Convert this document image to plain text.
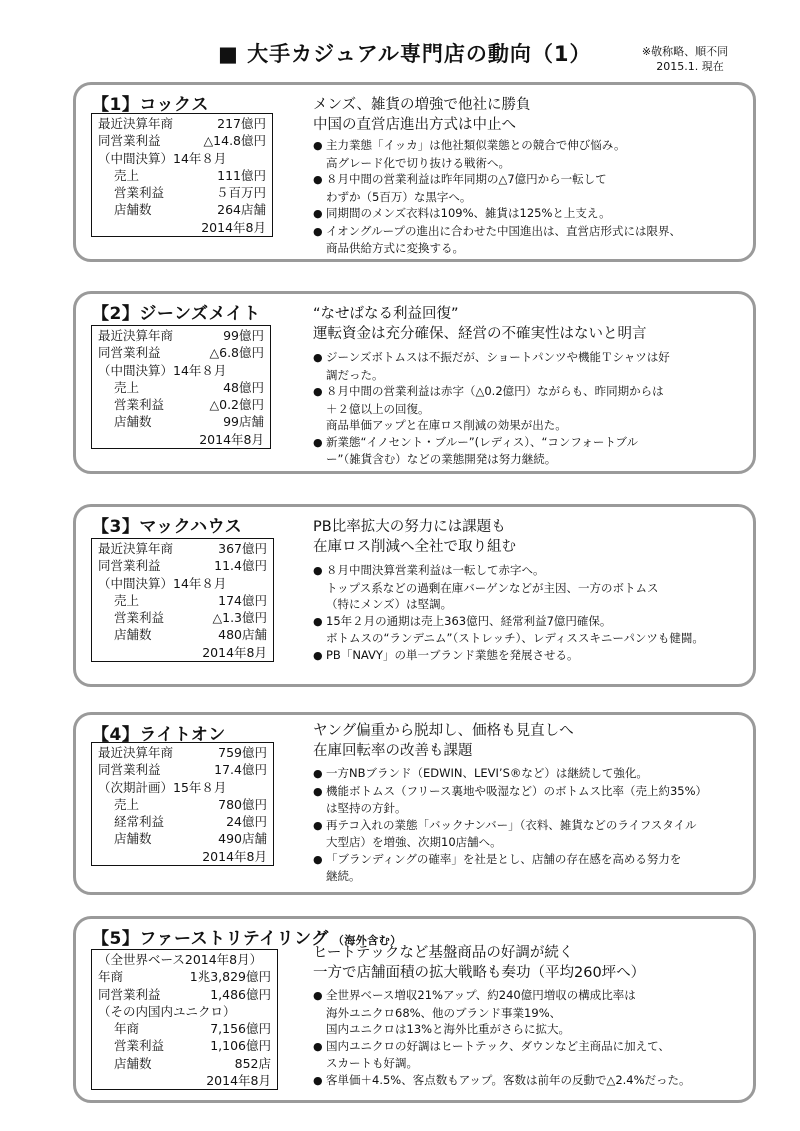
■ 大手カジュアル専門店の動向（1）	※敬称略、順不同
2015.1. 現在
【1】コックス
最近決算年商	217億円
同営業利益	△14.8億円
（中間決算）14年８月
売上	111億円
営業利益	５百万円
店舗数	264店舗
2014年8月
メンズ、雑貨の増強で他社に勝負
中国の直営店進出方式は中止へ
● 主力業態「イッカ」は他社類似業態との競合で伸び悩み。
高グレード化で切り抜ける戦術へ。
● ８月中間の営業利益は昨年同期の△7億円から一転して
わずか（5百万）な黒字へ。
● 同期間のメンズ衣料は109%、雑貨は125%と上支え。
● イオングループの進出に合わせた中国進出は、直営店形式には限界、
商品供給方式に変換する。
【2】ジーンズメイト
最近決算年商	99億円
同営業利益	△6.8億円
（中間決算）14年８月
売上	48億円
営業利益	△0.2億円
店舗数	99店舗
2014年8月
“なせばなる利益回復”
運転資金は充分確保、経営の不確実性はないと明言
● ジーンズボトムスは不振だが、ショートパンツや機能Ｔシャツは好
調だった。
● ８月中間の営業利益は赤字（△0.2億円）ながらも、昨同期からは
＋２億以上の回復。
商品単価アップと在庫ロス削減の効果が出た。
● 新業態“イノセント・ブルー”(レディス）、“コンフォートブル
ー”（雑貨含む）などの業態開発は努力継続。
【3】マックハウス
最近決算年商	367億円
同営業利益	11.4億円
（中間決算）14年８月
売上	174億円
営業利益	△1.3億円
店舗数	480店舗
2014年8月
PB比率拡大の努力には課題も
在庫ロス削減へ全社で取り組む
● ８月中間決算営業利益は一転して赤字へ。
トップス系などの過剰在庫バーゲンなどが主因、一方のボトムス
（特にメンズ）は堅調。
● 15年２月の通期は売上363億円、経常利益7億円確保。
ボトムスの“ランデニム”（ストレッチ）、レディススキニーパンツも健闘。
● PB「NAVY」の単一ブランド業態を発展させる。
【4】ライトオン
最近決算年商	759億円
同営業利益	17.4億円
（次期計画）15年８月
売上	780億円
経常利益	24億円
店舗数	490店舗
2014年8月
ヤング偏重から脱却し、価格も見直しへ
在庫回転率の改善も課題
● 一方NBブランド（EDWIN、LEVI’S®など）は継続して強化。
● 機能ボトムス（フリース裏地や吸湿など）のボトムス比率（売上約35%）
は堅持の方針。
● 再テコ入れの業態「バックナンバー」（衣料、雑貨などのライフスタイル
大型店）を増強、次期10店舗へ。
● 「ブランディングの確率」を社是とし、店舗の存在感を高める努力を
継続。
【5】ファーストリテイリング （海外含む）
（全世界ベース2014年8月）
年商	1兆3,829億円
同営業利益	1,486億円
（その内国内ユニクロ）
年商	7,156億円
営業利益	1,106億円
店舗数	852店
2014年8月
ヒートテックなど基盤商品の好調が続く
一方で店舗面積の拡大戦略も奏功（平均260坪へ）
● 全世界ベース増収21%アップ、約240億円増収の構成比率は
海外ユニクロ68%、他のブランド事業19%、
国内ユニクロは13%と海外比重がさらに拡大。
● 国内ユニクロの好調はヒートテック、ダウンなど主商品に加えて、
スカートも好調。
● 客単価＋4.5%、客点数もアップ。客数は前年の反動で△2.4%だった。
